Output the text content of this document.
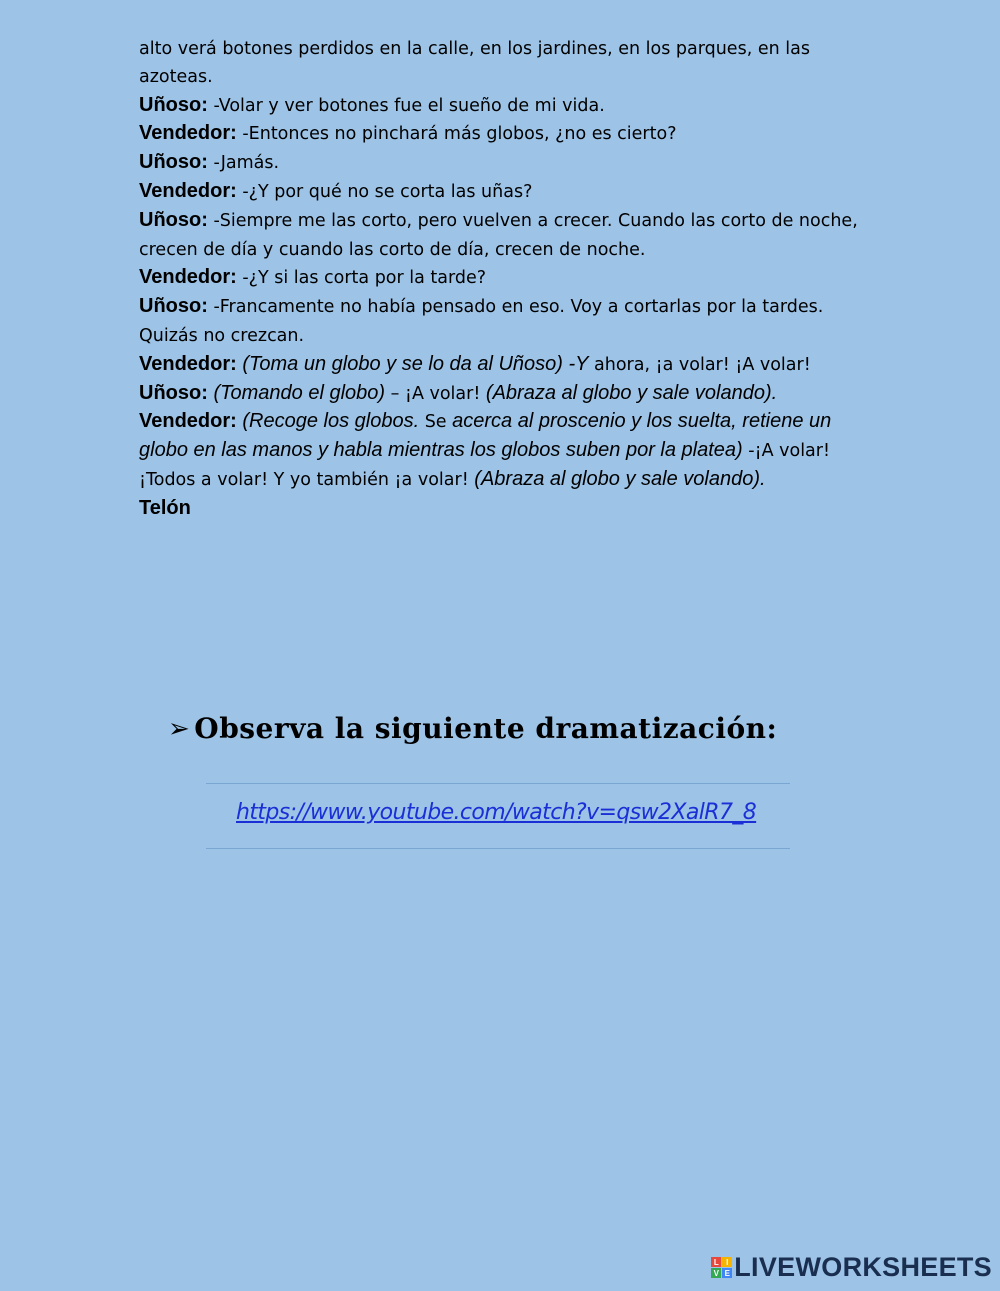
alto verá botones perdidos en la calle, en los jardines, en los parques, en las azoteas.

Uñoso: -Volar y ver botones fue el sueño de mi vida.

Vendedor: -Entonces no pinchará más globos, ¿no es cierto?

Uñoso: -Jamás.

Vendedor: -¿Y por qué no se corta las uñas?

Uñoso: -Siempre me las corto, pero vuelven a crecer. Cuando las corto de noche, crecen de día y cuando las corto de día, crecen de noche.

Vendedor: -¿Y si las corta por la tarde?

Uñoso: -Francamente no había pensado en eso. Voy a cortarlas por la tardes. Quizás no crezcan.

Vendedor: (Toma un globo y se lo da al Uñoso) -Y ahora, ¡a volar! ¡A volar!

Uñoso: (Tomando el globo) – ¡A volar! (Abraza al globo y sale volando).

Vendedor: (Recoge los globos. Se acerca al proscenio y los suelta, retiene un globo en las manos y habla mientras los globos suben por la platea) -¡A volar! ¡Todos a volar! Y yo también ¡a volar! (Abraza al globo y sale volando).

Telón

➢ Observa la siguiente dramatización:
https://www.youtube.com/watch?v=qsw2XalR7_8
L I
V E LIVEWORKSHEETS
